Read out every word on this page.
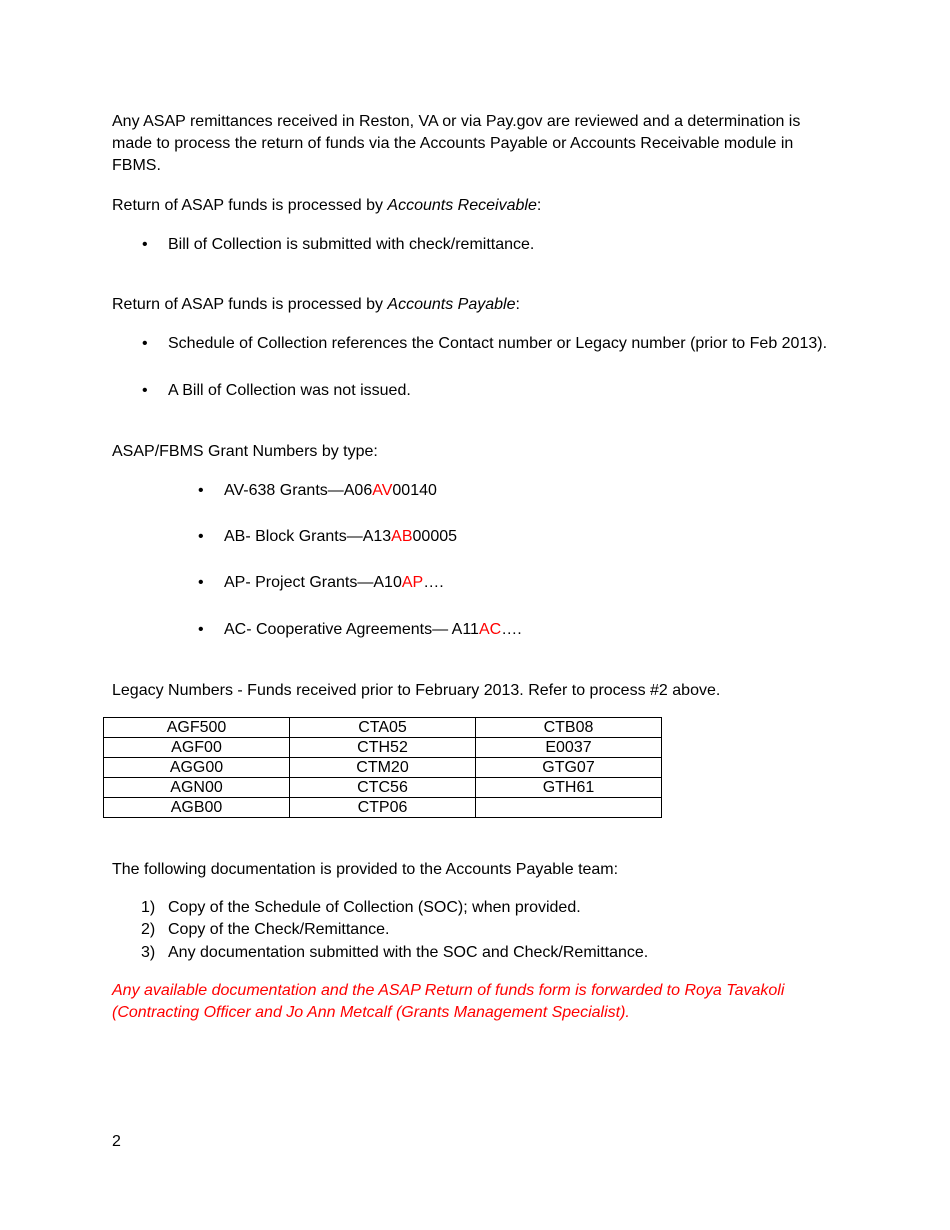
Any ASAP remittances received in Reston, VA or via Pay.gov are reviewed and a determination is made to process the return of funds via the Accounts Payable or Accounts Receivable module in FBMS.

Return of ASAP funds is processed by Accounts Receivable:

•	Bill of Collection is submitted with check/remittance.

Return of ASAP funds is processed by Accounts Payable:

•	Schedule of Collection references the Contact number or Legacy number (prior to Feb 2013).
•	A Bill of Collection was not issued.

ASAP/FBMS Grant Numbers by type:

•	AV-638 Grants—A06AV00140
•	AB- Block Grants—A13AB00005
•	AP- Project Grants—A10AP….
•	AC- Cooperative Agreements— A11AC….

Legacy Numbers - Funds received prior to February 2013. Refer to process #2 above.

AGF500	CTA05	CTB08
AGF00	CTH52	E0037
AGG00	CTM20	GTG07
AGN00	CTC56	GTH61
AGB00	CTP06	

The following documentation is provided to the Accounts Payable team:

1) Copy of the Schedule of Collection (SOC); when provided.
2) Copy of the Check/Remittance.
3) Any documentation submitted with the SOC and Check/Remittance.

Any available documentation and the ASAP Return of funds form is forwarded to Roya Tavakoli (Contracting Officer and Jo Ann Metcalf (Grants Management Specialist).

2
